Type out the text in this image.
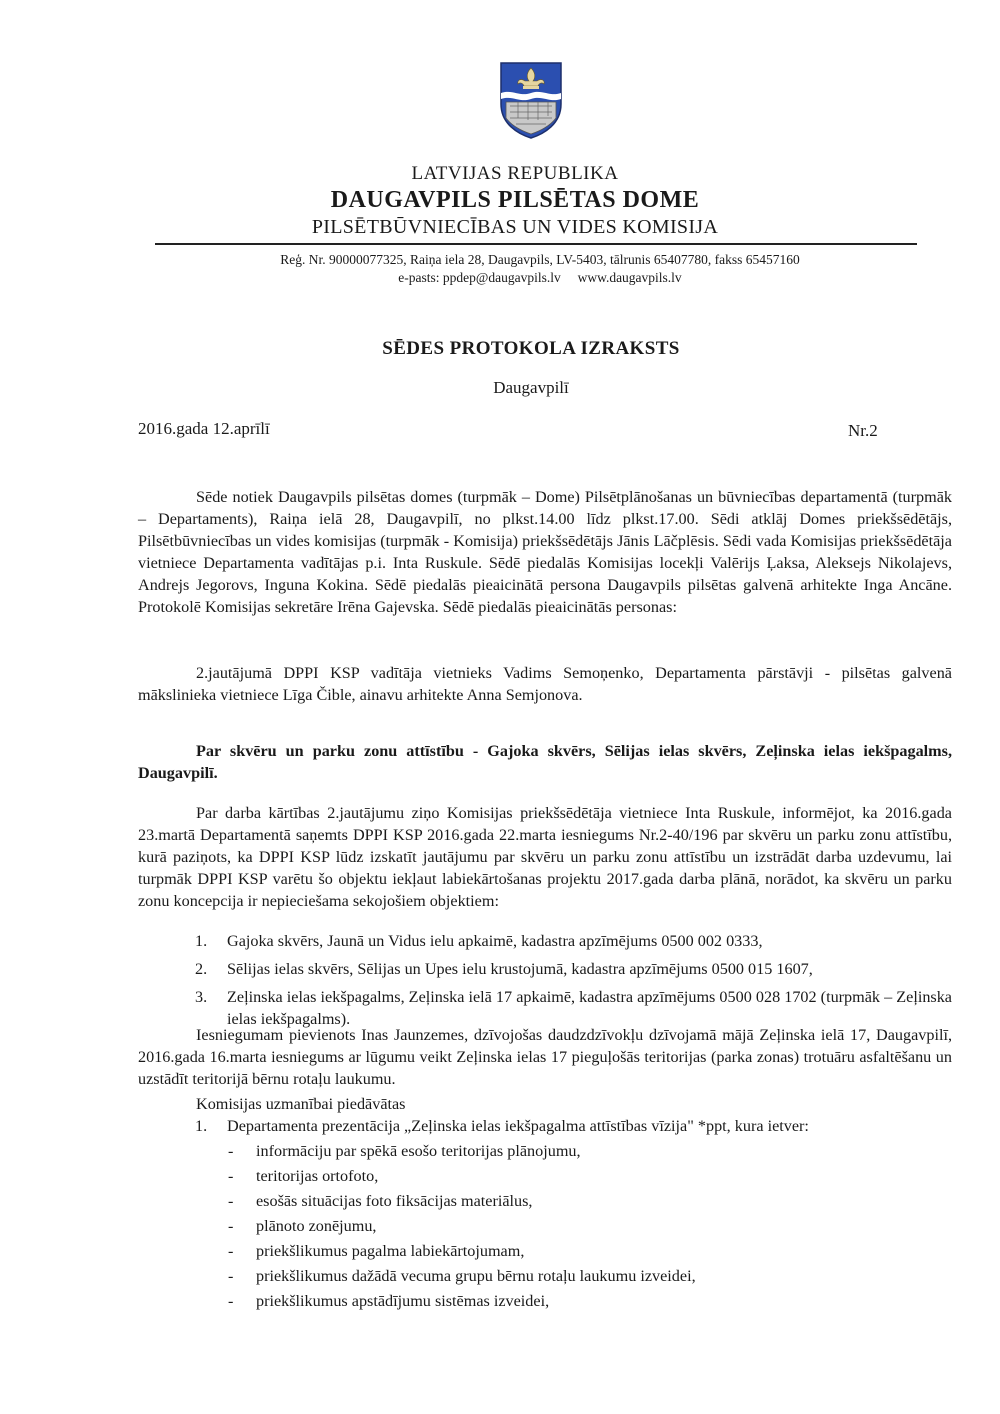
LATVIJAS REPUBLIKA
DAUGAVPILS PILSĒTAS DOME
PILSĒTBŪVNIECĪBAS UN VIDES KOMISIJA
Reģ. Nr. 90000077325, Raiņa iela 28, Daugavpils, LV-5403, tālrunis 65407780, fakss 65457160
e-pasts: ppdep@daugavpils.lv     www.daugavpils.lv
SĒDES PROTOKOLA IZRAKSTS
Daugavpilī
2016.gada 12.aprīlī	Nr.2

Sēde notiek Daugavpils pilsētas domes (turpmāk – Dome) Pilsētplānošanas un būvniecības departamentā (turpmāk – Departaments), Raiņa ielā 28, Daugavpilī, no plkst.14.00 līdz plkst.17.00. Sēdi atklāj Domes priekšsēdētājs, Pilsētbūvniecības un vides komisijas (turpmāk - Komisija) priekšsēdētājs Jānis Lāčplēsis. Sēdi vada Komisijas priekšsēdētāja vietniece Departamenta vadītājas p.i. Inta Ruskule. Sēdē piedalās Komisijas locekļi Valērijs Ļaksa, Aleksejs Nikolajevs, Andrejs Jegorovs, Inguna Kokina. Sēdē piedalās pieaicinātā persona Daugavpils pilsētas galvenā arhitekte Inga Ancāne. Protokolē Komisijas sekretāre Irēna Gajevska. Sēdē piedalās pieaicinātās personas:

2.jautājumā DPPI KSP vadītāja vietnieks Vadims Semoņenko, Departamenta pārstāvji - pilsētas galvenā mākslinieka vietniece Līga Čible, ainavu arhitekte Anna Semjonova.

Par skvēru un parku zonu attīstību - Gajoka skvērs, Sēlijas ielas skvērs, Zeļinska ielas iekšpagalms, Daugavpilī.

Par darba kārtības 2.jautājumu ziņo Komisijas priekšsēdētāja vietniece Inta Ruskule, informējot, ka 2016.gada 23.martā Departamentā saņemts DPPI KSP 2016.gada 22.marta iesniegums Nr.2-40/196 par skvēru un parku zonu attīstību, kurā paziņots, ka DPPI KSP lūdz izskatīt jautājumu par skvēru un parku zonu attīstību un izstrādāt darba uzdevumu, lai turpmāk DPPI KSP varētu šo objektu iekļaut labiekārtošanas projektu 2017.gada darba plānā, norādot, ka skvēru un parku zonu koncepcija ir nepieciešama sekojošiem objektiem:

1. Gajoka skvērs, Jaunā un Vidus ielu apkaimē, kadastra apzīmējums 0500 002 0333,
2. Sēlijas ielas skvērs, Sēlijas un Upes ielu krustojumā, kadastra apzīmējums 0500 015 1607,
3. Zeļinska ielas iekšpagalms, Zeļinska ielā 17 apkaimē, kadastra apzīmējums 0500 028 1702 (turpmāk – Zeļinska ielas iekšpagalms).

Iesniegumam pievienots Inas Jaunzemes, dzīvojošas daudzdzīvokļu dzīvojamā mājā Zeļinska ielā 17, Daugavpilī, 2016.gada 16.marta iesniegums ar lūgumu veikt Zeļinska ielas 17 pieguļošās teritorijas (parka zonas) trotuāru asfaltēšanu un uzstādīt teritorijā bērnu rotaļu laukumu.

Komisijas uzmanībai piedāvātas
1. Departamenta prezentācija „Zeļinska ielas iekšpagalma attīstības vīzija" *ppt, kura ietver:
- informāciju par spēkā esošo teritorijas plānojumu,
- teritorijas ortofoto,
- esošās situācijas foto fiksācijas materiālus,
- plānoto zonējumu,
- priekšlikumus pagalma labiekārtojumam,
- priekšlikumus dažādā vecuma grupu bērnu rotaļu laukumu izveidei,
- priekšlikumus apstādījumu sistēmas izveidei,
